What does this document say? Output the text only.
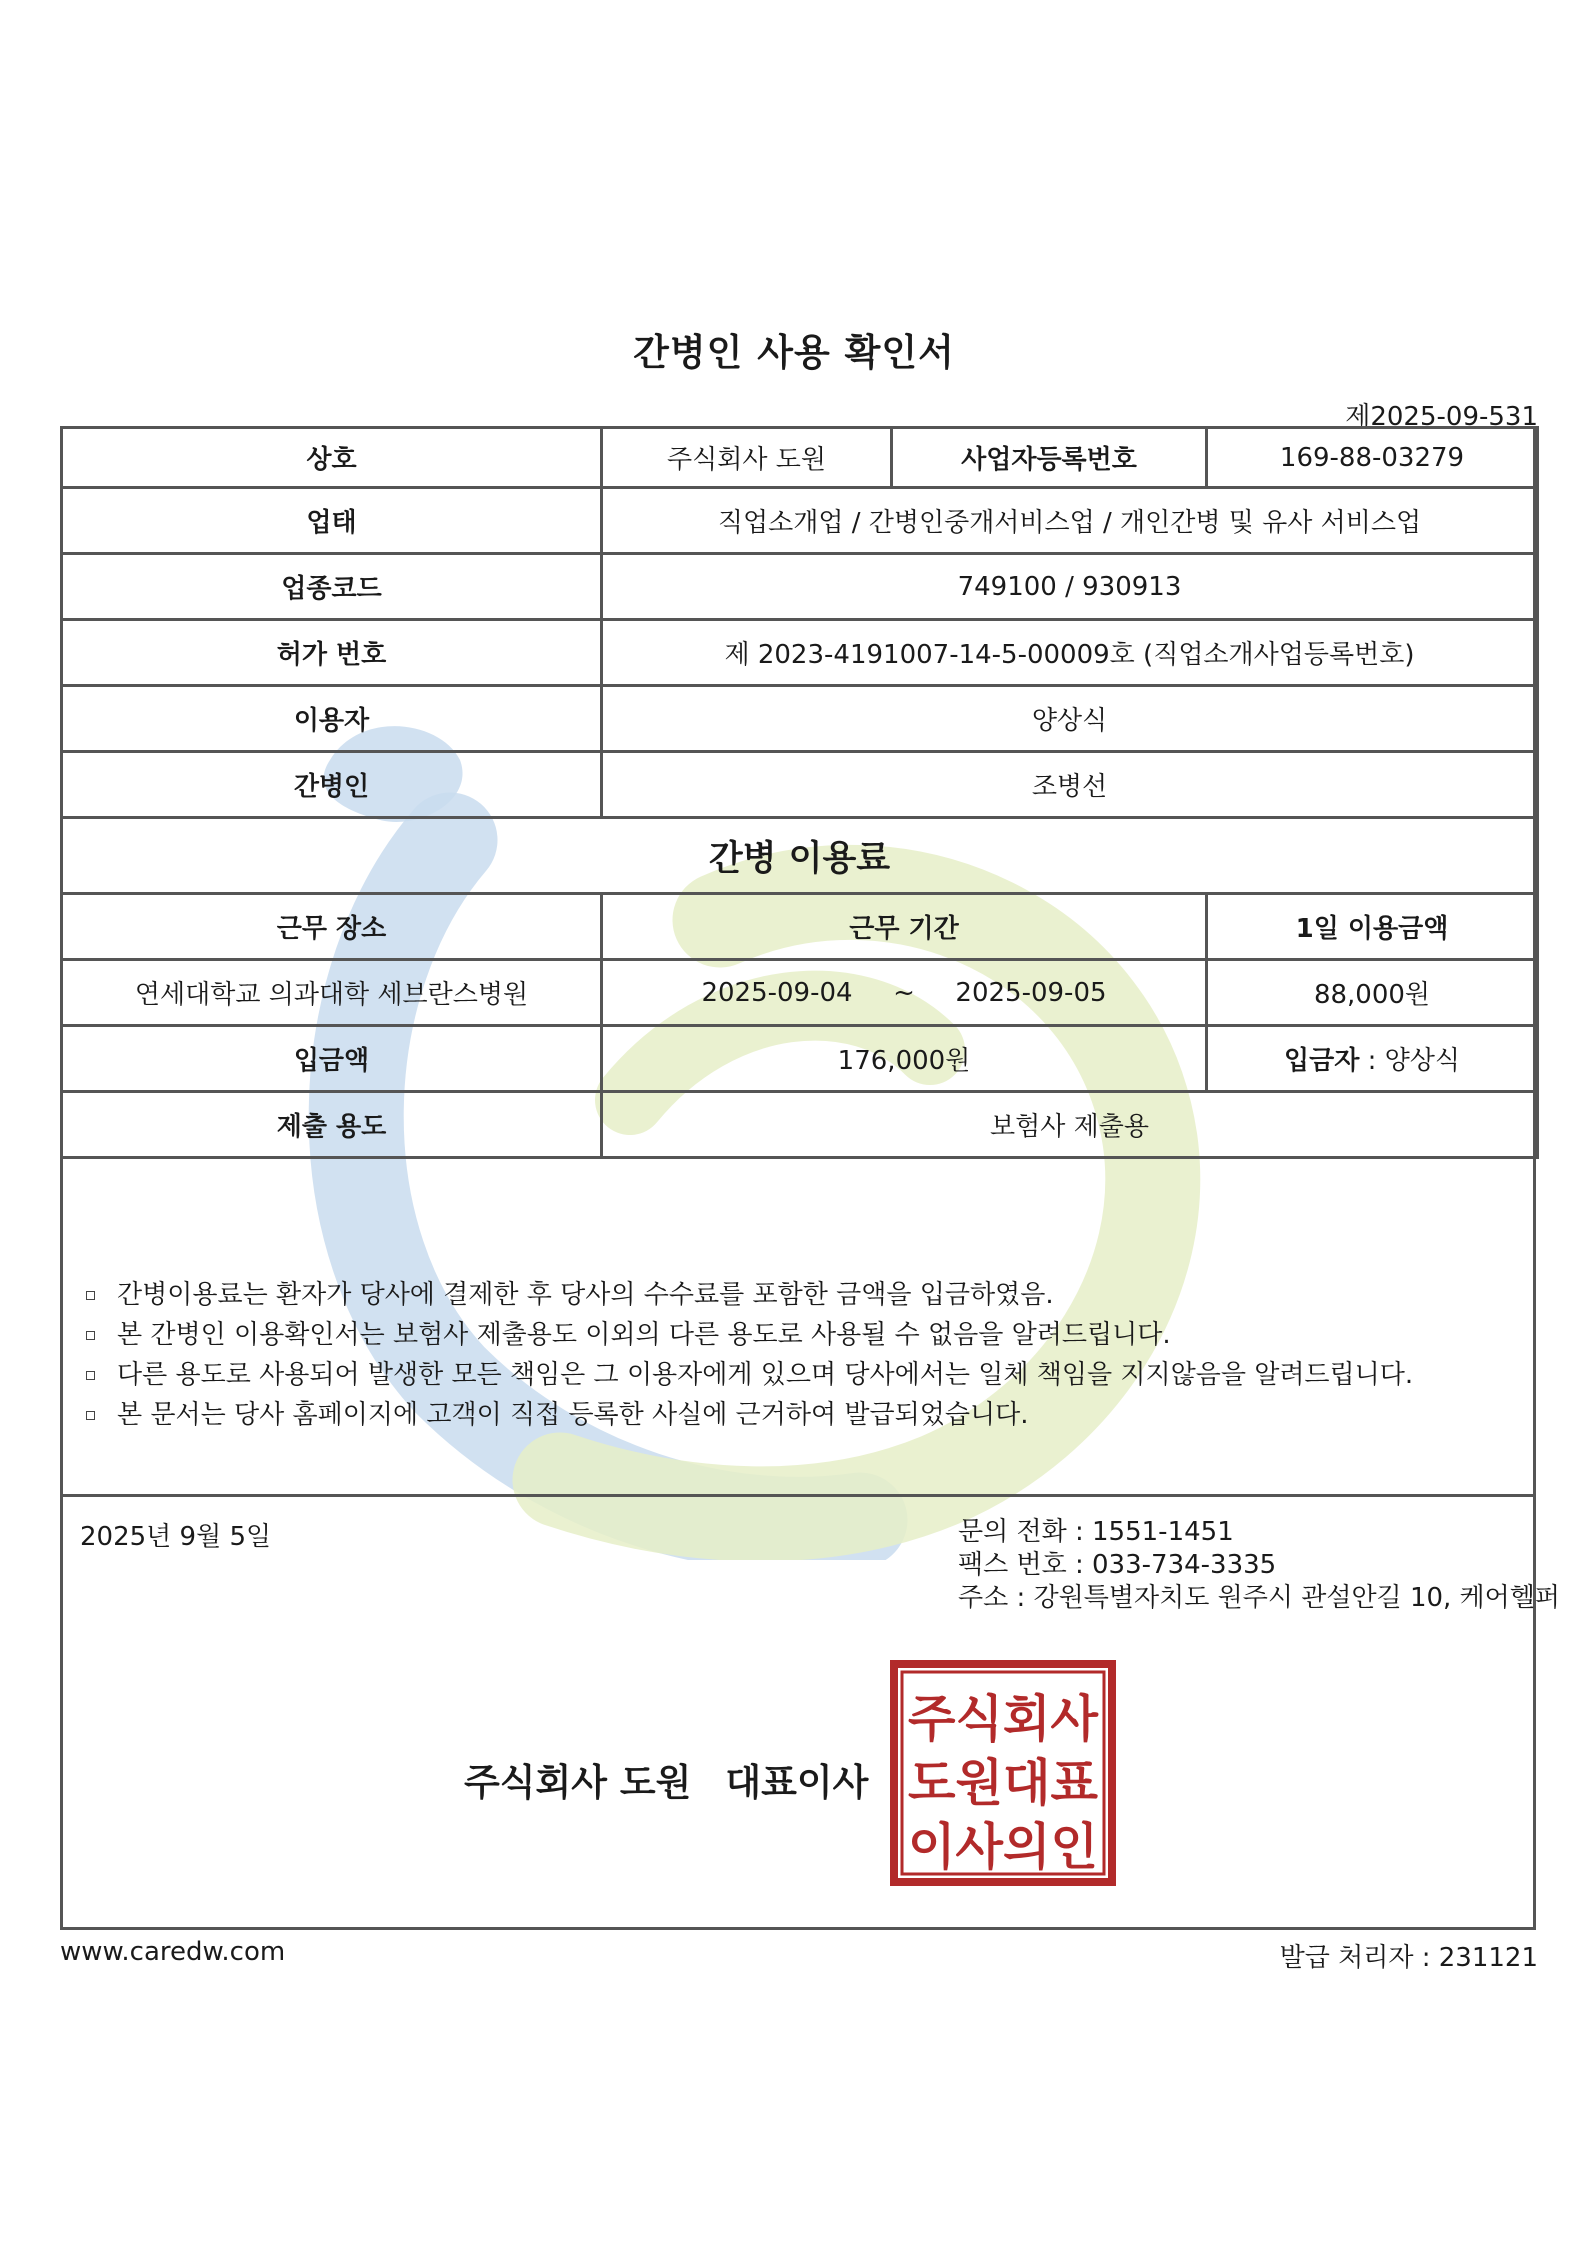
간병인 사용 확인서
제2025-09-531
상호	주식회사 도원	사업자등록번호	169-88-03279
업태	직업소개업 / 간병인중개서비스업 / 개인간병 및 유사 서비스업		
업종코드	749100 / 930913		
허가 번호	제 2023-4191007-14-5-00009호 (직업소개사업등록번호)		
이용자	양상식		
간병인	조병선		
간병 이용료			
근무 장소	근무 기간		1일 이용금액
연세대학교 의과대학 세브란스병원	2025-09-04 ~ 2025-09-05		88,000원
입금액	176,000원		입금자 : 양상식
제출 용도	보험사 제출용		
간병이용료는 환자가 당사에 결제한 후 당사의 수수료를 포함한 금액을 입금하였음.
본 간병인 이용확인서는 보험사 제출용도 이외의 다른 용도로 사용될 수 없음을 알려드립니다.
다른 용도로 사용되어 발생한 모든 책임은 그 이용자에게 있으며 당사에서는 일체 책임을 지지않음을 알려드립니다.
본 문서는 당사 홈페이지에 고객이 직접 등록한 사실에 근거하여 발급되었습니다.
2025년 9월 5일	문의 전화 : 1551-1451
팩스 번호 : 033-734-3335
주소 : 강원특별자치도 원주시 관설안길 10, 케어헬퍼
주식회사 도원 대표이사
주식회사
도원대표
이사의인
www.caredw.com	발급 처리자 : 231121
